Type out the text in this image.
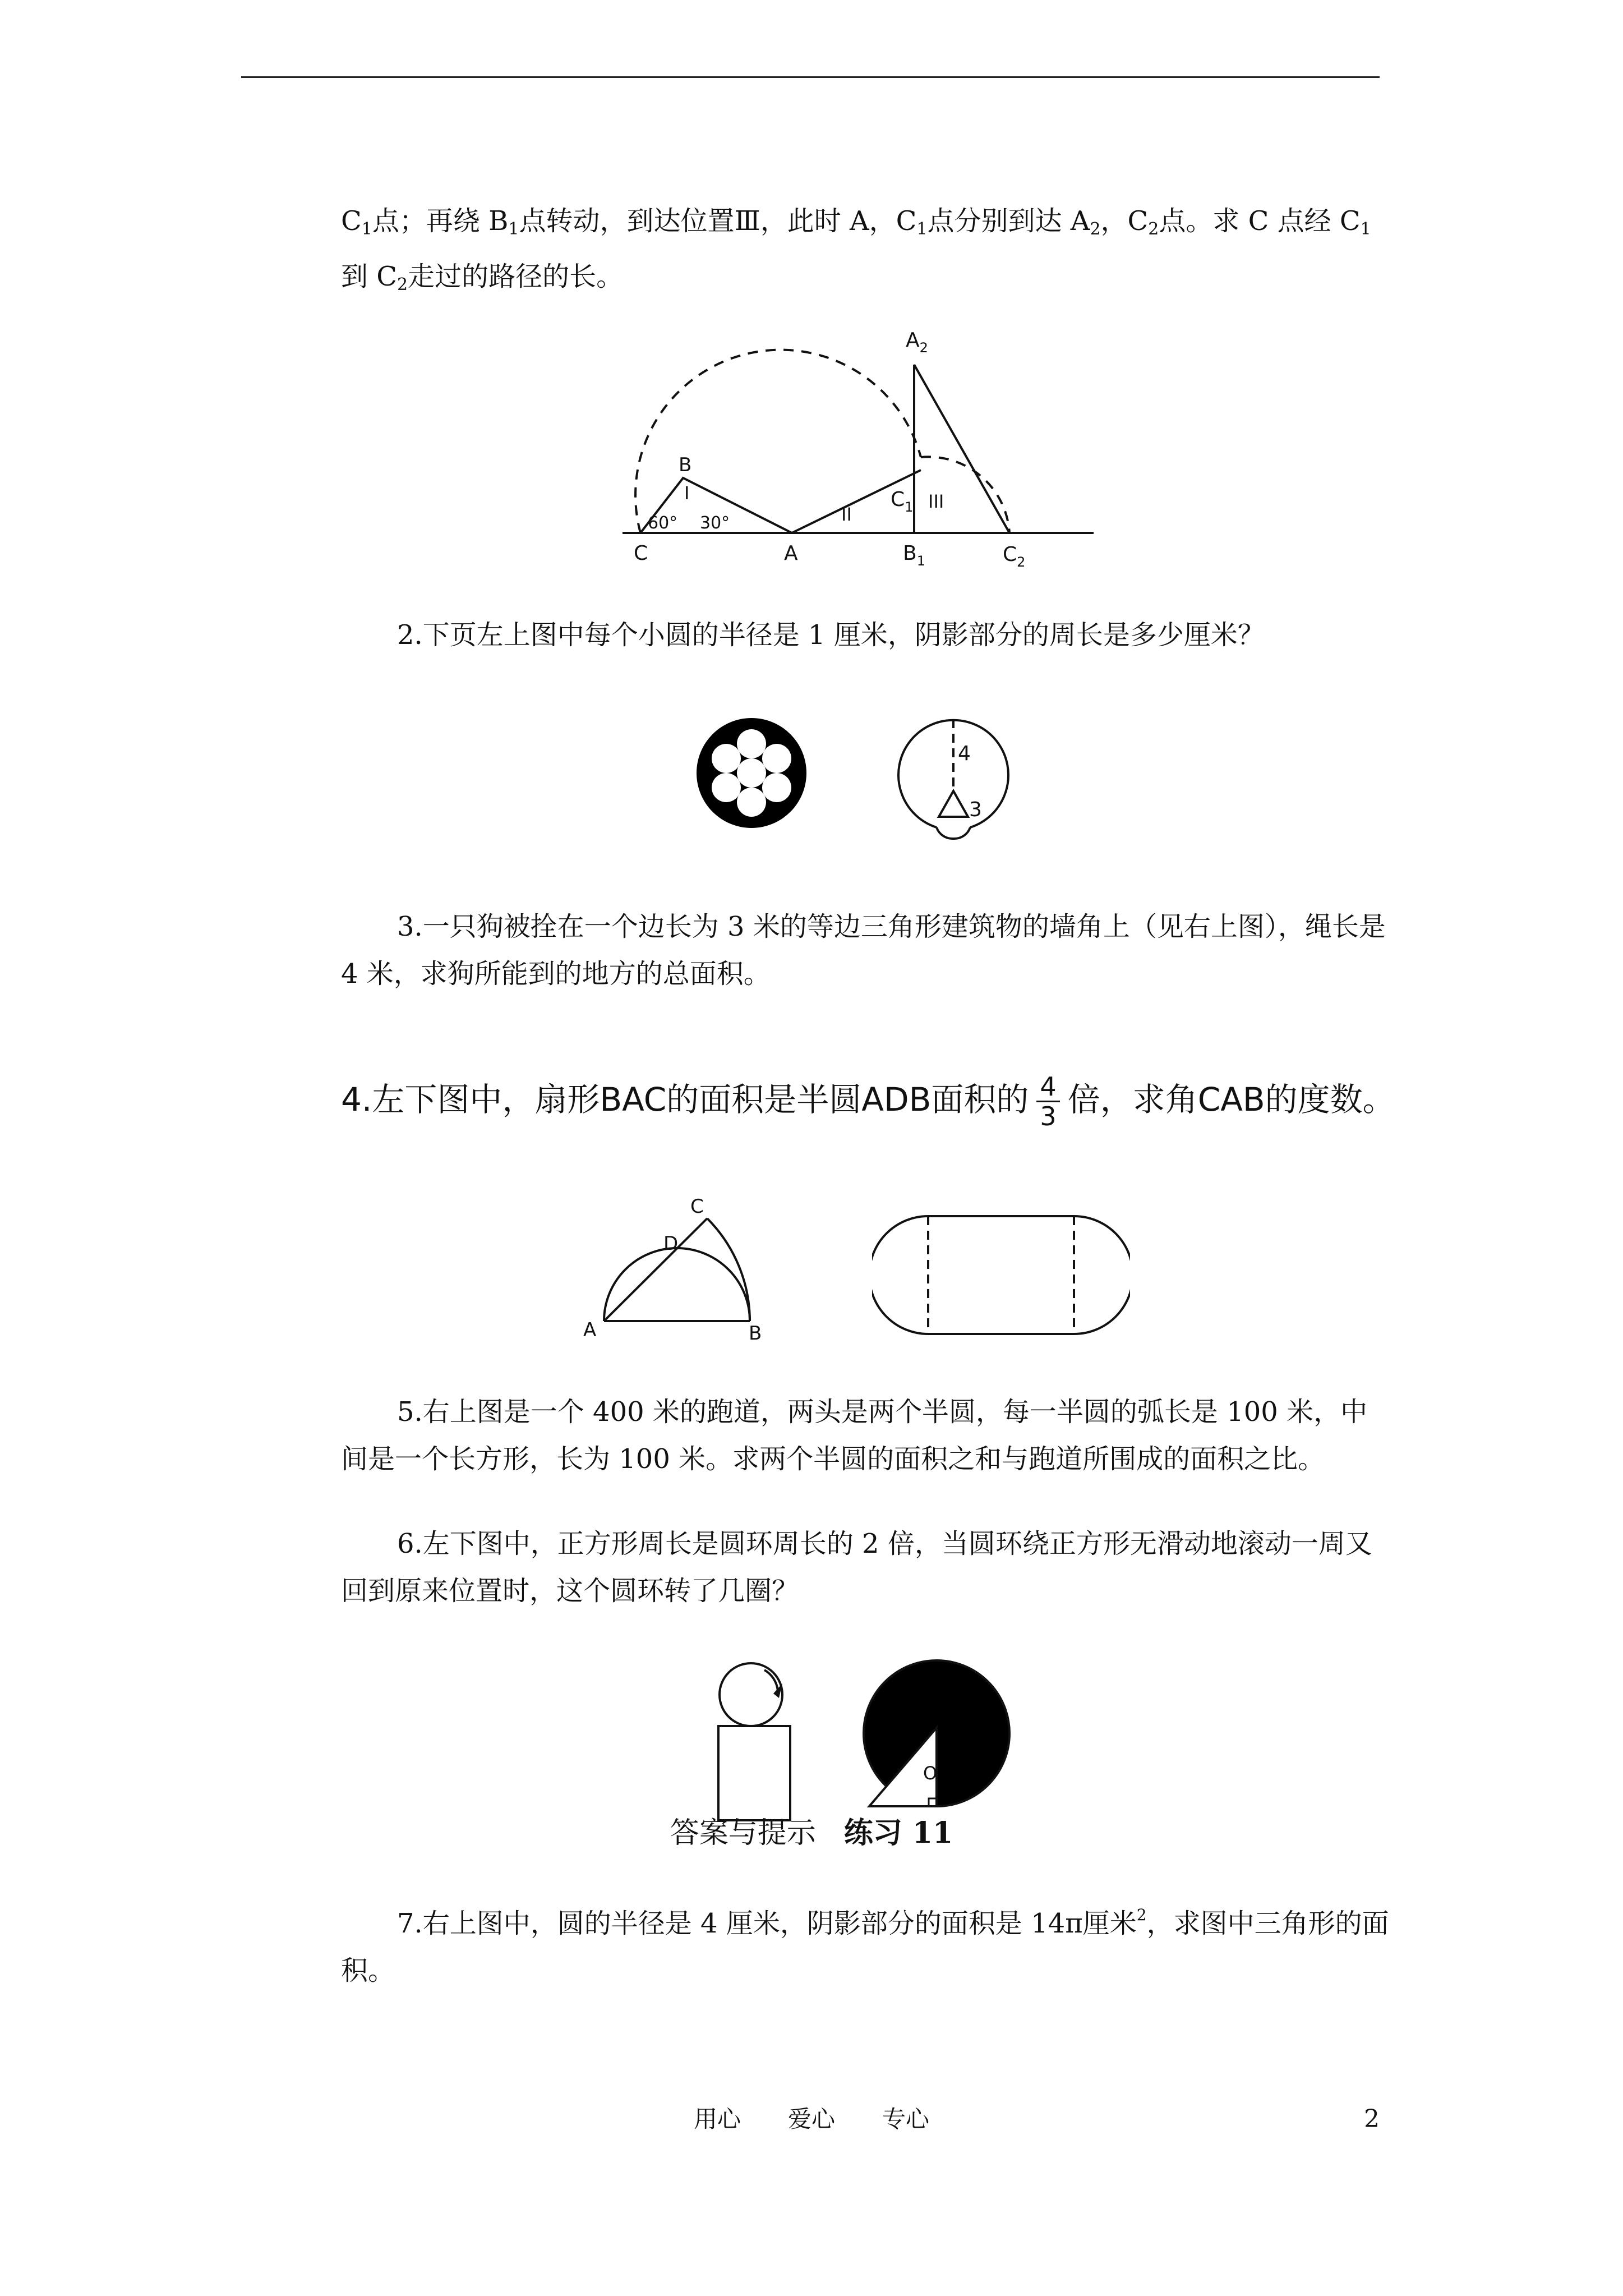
$C_1$点；再绕 $B_1$点转动，到达位置Ⅲ，此时 A，$C_1$点分别到达 $A_2$，$C_2$点。求 C 点经 $C_1$
到 $C_2$走过的路径的长。

C
B
A	$B_1$
$C_1$
$C_2$
$A_2$
I
II
III
60° 30°

2.下页左上图中每个小圆的半径是 1 厘米，阴影部分的周长是多少厘米？

4
3

3.一只狗被拴在一个边长为 3 米的等边三角形建筑物的墙角上（见右上图），绳长是 4 米，求狗所能到的地方的总面积。

4.左下图中，扇形BAC的面积是半圆ADB面积的 $\frac{4}{3}$ 倍，求角CAB的度数。
A	B
C
D

5.右上图是一个 400 米的跑道，两头是两个半圆，每一半圆的弧长是 100 米，中间是一个长方形，长为 100 米。求两个半圆的面积之和与跑道所围成的面积之比。

6.左下图中，正方形周长是圆环周长的 2 倍，当圆环绕正方形无滑动地滚动一周又回到原来位置时，这个圆环转了几圈？

O

7.右上图中，圆的半径是 4 厘米，阴影部分的面积是 14π厘米$^2$，求图中三角形的面积。

答案与提示 练习 11
用心 爱心 专心	2
